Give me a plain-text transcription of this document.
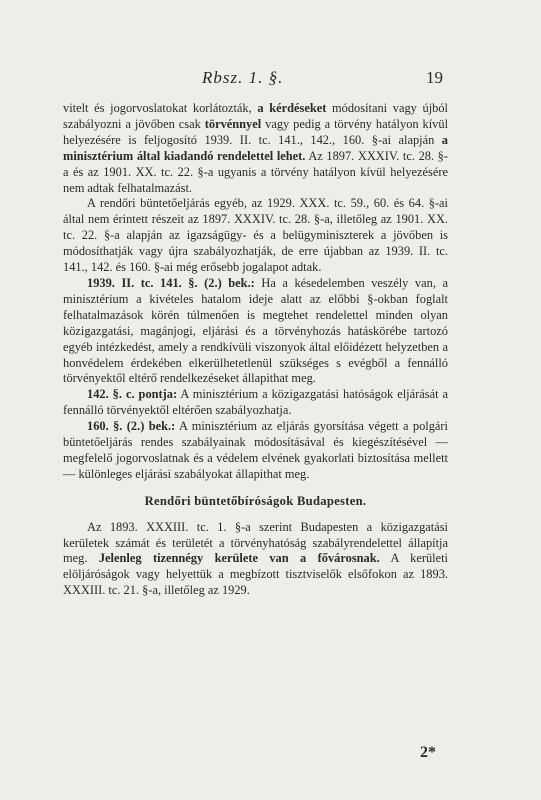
Rbsz. 1. §.	19

vitelt és jogorvoslatokat korlátozták, a kérdéseket módosítani vagy újból szabályozni a jövőben csak törvénnyel vagy pedig a törvény hatályon kívül helyezésére is feljogosító 1939. II. tc. 141., 142., 160. §-ai alapján a minisztérium által kiadandó rendelettel lehet. Az 1897. XXXIV. tc. 28. §-a és az 1901. XX. tc. 22. §-a ugyanis a törvény hatályon kívül helyezésére nem adtak felhatalmazást.

A rendőri büntetőeljárás egyéb, az 1929. XXX. tc. 59., 60. és 64. §-ai által nem érintett részeit az 1897. XXXIV. tc. 28. §-a, illetőleg az 1901. XX. tc. 22. §-a alapján az igazságügy- és a belügyminiszterek a jövőben is módosíthatják vagy újra szabályozhatják, de erre újabban az 1939. II. tc. 141., 142. és 160. §-ai még erősebb jogalapot adtak.

1939. II. tc. 141. §. (2.) bek.: Ha a késedelemben veszély van, a minisztérium a kivételes hatalom ideje alatt az előbbi §-okban foglalt felhatalmazások körén túlmenően is megtehet rendelettel minden olyan közigazgatási, magánjogi, eljárási és a törvényhozás hatáskörébe tartozó egyéb intézkedést, amely a rendkívüli viszonyok által előidézett helyzetben a honvédelem érdekében elkerülhetetlenül szükséges s evégből a fennálló törvényektől eltérő rendelkezéseket állapithat meg.

142. §. c. pontja: A minisztérium a közigazgatási hatóságok eljárását a fennálló törvényektől eltérően szabályozhatja.

160. §. (2.) bek.: A minisztérium az eljárás gyorsítása végett a polgári büntetőeljárás rendes szabályainak módosításával és kiegészítésével — megfelelő jogorvoslatnak és a védelem elvének gyakorlati biztosítása mellett — különleges eljárási szabályokat állapithat meg.

Rendőri büntetőbíróságok Budapesten.

Az 1893. XXXIII. tc. 1. §-a szerint Budapesten a közigazgatási kerületek számát és területét a törvényhatóság szabályrendelettel állapítja meg. Jelenleg tizennégy kerülete van a fővárosnak. A kerületi elöljáróságok vagy helyettük a megbízott tisztviselők elsőfokon az 1893. XXXIII. tc. 21. §-a, illetőleg az 1929.

2*
